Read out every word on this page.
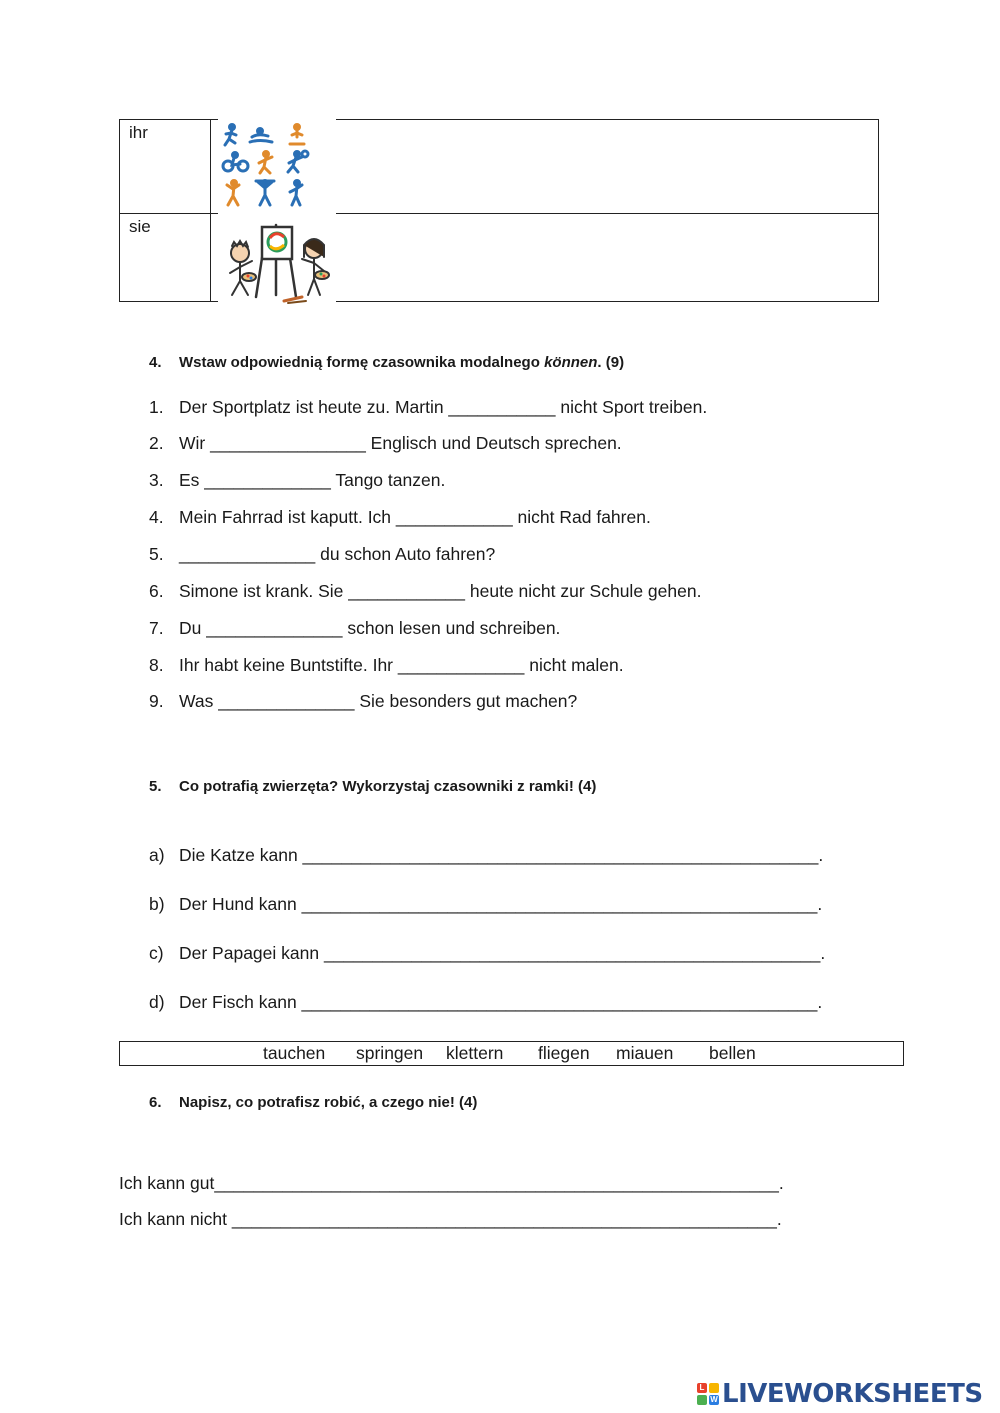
ihr
sie
4. Wstaw odpowiednią formę czasownika modalnego können. (9)
1. Der Sportplatz ist heute zu. Martin ___________ nicht Sport treiben.
2. Wir ________________ Englisch und Deutsch sprechen.
3. Es _____________ Tango tanzen.
4. Mein Fahrrad ist kaputt. Ich ____________ nicht Rad fahren.
5. ______________ du schon Auto fahren?
6. Simone ist krank. Sie ____________ heute nicht zur Schule gehen.
7. Du ______________ schon lesen und schreiben.
8. Ihr habt keine Buntstifte. Ihr _____________ nicht malen.
9. Was ______________ Sie besonders gut machen?
5. Co potrafią zwierzęta? Wykorzystaj czasowniki z ramki! (4)
a) Die Katze kann _____________________________________________________.
b) Der Hund kann _____________________________________________________.
c) Der Papagei kann ___________________________________________________.
d) Der Fisch kann _____________________________________________________.
tauchen springen klettern fliegen miauen bellen
6. Napisz, co potrafisz robić, a czego nie! (4)
Ich kann gut__________________________________________________________.
Ich kann nicht ________________________________________________________.
L
W LIVEWORKSHEETS
